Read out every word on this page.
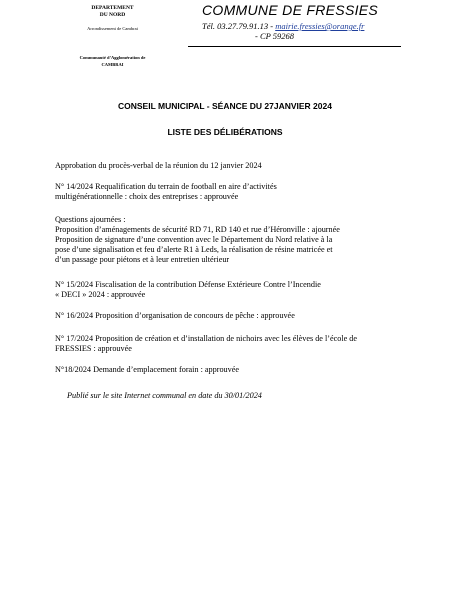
DEPARTEMENT
DU NORD
Arrondissement de Cambrai
Communauté d’Agglomération de
CAMBRAI
COMMUNE DE FRESSIES
Tél. 03.27.79.91.13 - mairie.fressies@orange.fr
- CP 59268
CONSEIL MUNICIPAL - SÉANCE DU 27JANVIER 2024
LISTE DES DÉLIBÉRATIONS
Approbation du procès-verbal de la réunion du 12 janvier 2024
N° 14/2024 Requalification du terrain de football en aire d’activités
multigénérationnelle : choix des entreprises : approuvée
Questions ajournées :
Proposition d’aménagements de sécurité RD 71, RD 140 et rue d’Héronville : ajournée
Proposition de signature d’une convention avec le Département du Nord relative à la
pose d’une signalisation et feu d’alerte R1 à Leds, la réalisation de résine matricée et
d’un passage pour piétons et à leur entretien ultérieur
N° 15/2024 Fiscalisation de la contribution Défense Extérieure Contre l’Incendie
« DECI » 2024 : approuvée
N° 16/2024 Proposition d’organisation de concours de pêche : approuvée
N° 17/2024 Proposition de création et d’installation de nichoirs avec les élèves de l’école de
FRESSIES : approuvée
N°18/2024 Demande d’emplacement forain : approuvée
Publié sur le site Internet communal en date du 30/01/2024
